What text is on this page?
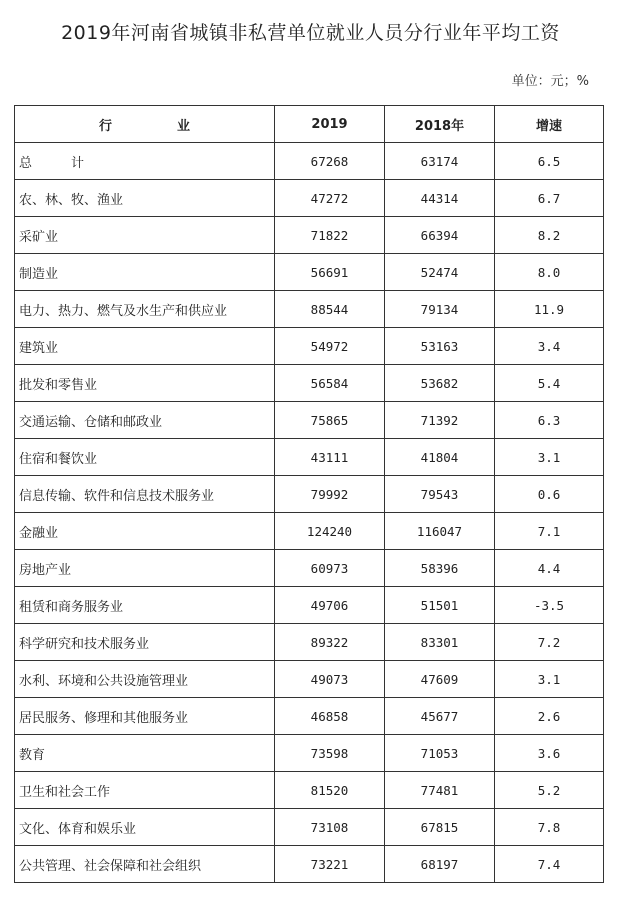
2019年河南省城镇非私营单位就业人员分行业年平均工资
单位：元；%
行　　　　　业	2019	2018年	增速
总　　　计	67268	63174	6.5
农、林、牧、渔业	47272	44314	6.7
采矿业	71822	66394	8.2
制造业	56691	52474	8.0
电力、热力、燃气及水生产和供应业	88544	79134	11.9
建筑业	54972	53163	3.4
批发和零售业	56584	53682	5.4
交通运输、仓储和邮政业	75865	71392	6.3
住宿和餐饮业	43111	41804	3.1
信息传输、软件和信息技术服务业	79992	79543	0.6
金融业	124240	116047	7.1
房地产业	60973	58396	4.4
租赁和商务服务业	49706	51501	-3.5
科学研究和技术服务业	89322	83301	7.2
水利、环境和公共设施管理业	49073	47609	3.1
居民服务、修理和其他服务业	46858	45677	2.6
教育	73598	71053	3.6
卫生和社会工作	81520	77481	5.2
文化、体育和娱乐业	73108	67815	7.8
公共管理、社会保障和社会组织	73221	68197	7.4
